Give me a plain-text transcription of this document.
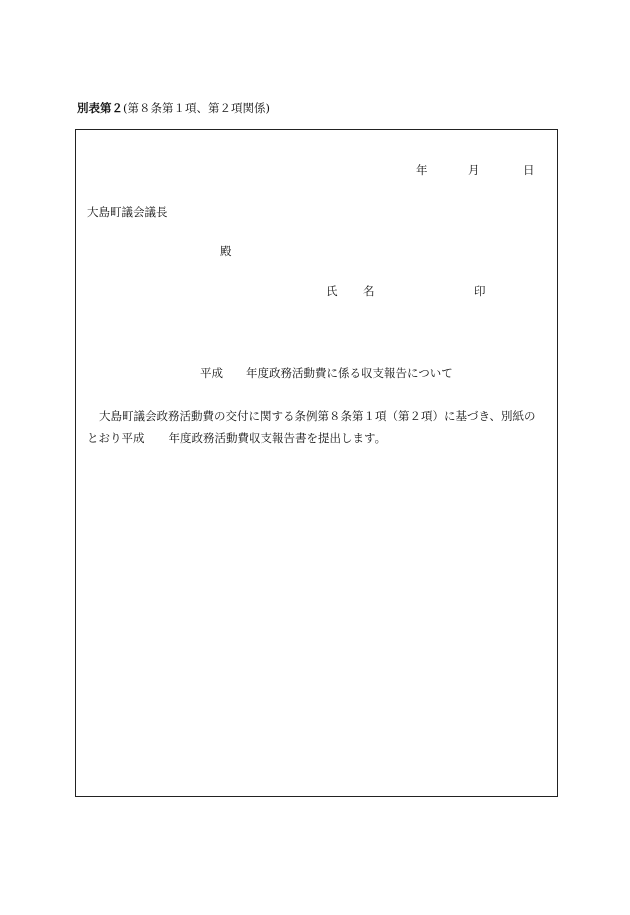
別表第２(第８条第１項、第２項関係)
年	月	日
大島町議会議長
殿
氏 名	印
平成 年度政務活動費に係る収支報告について
大島町議会政務活動費の交付に関する条例第８条第１項（第２項）に基づき、別紙の
とおり平成 年度政務活動費収支報告書を提出します。
